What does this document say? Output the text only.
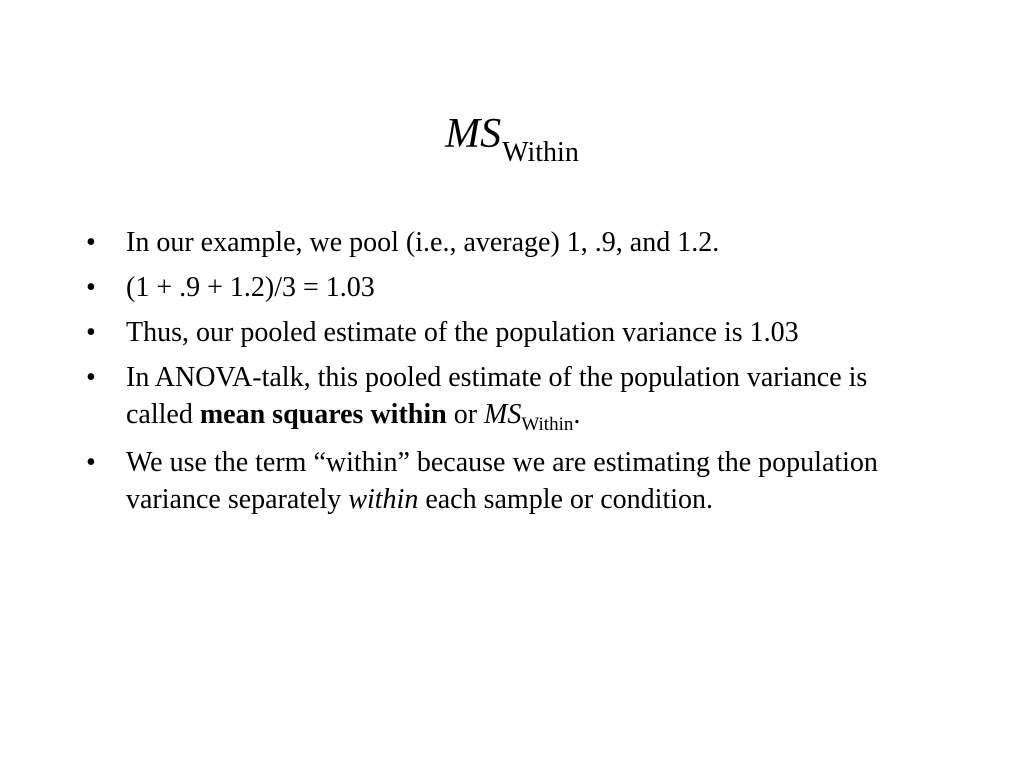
$MS_{Within}$
•	In our example, we pool (i.e., average) 1, .9, and 1.2.
•	(1 + .9 + 1.2)/3 = 1.03
•	Thus, our pooled estimate of the population variance is 1.03
•	In ANOVA-talk, this pooled estimate of the population variance is called mean squares within or $MS_{Within}$.
•	We use the term “within” because we are estimating the population variance separately within each sample or condition.
